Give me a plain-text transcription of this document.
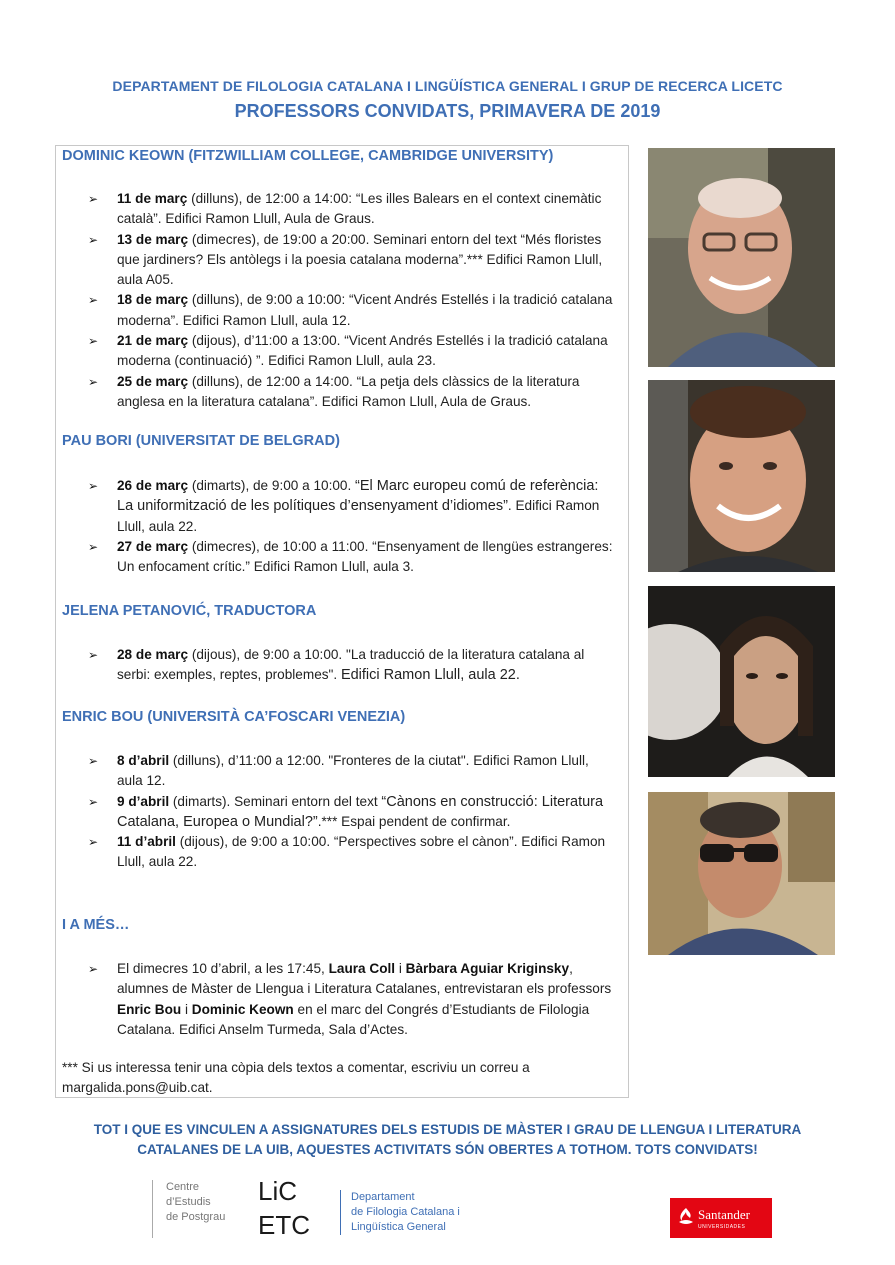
DEPARTAMENT DE FILOLOGIA CATALANA I LINGÜÍSTICA GENERAL I GRUP DE RECERCA LICETC
PROFESSORS CONVIDATS, PRIMAVERA DE 2019
DOMINIC KEOWN (FITZWILLIAM COLLEGE, CAMBRIDGE UNIVERSITY)
➢ 11 de març (dilluns), de 12:00 a 14:00: “Les illes Balears en el context cinemàtic català”. Edifici Ramon Llull, Aula de Graus.
➢ 13 de març (dimecres), de 19:00 a 20:00. Seminari entorn del text “Més floristes que jardiners? Els antòlegs i la poesia catalana moderna”.*** Edifici Ramon Llull, aula A05.
➢ 18 de març (dilluns), de 9:00 a 10:00: “Vicent Andrés Estellés i la tradició catalana moderna”. Edifici Ramon Llull, aula 12.
➢ 21 de març (dijous), d’11:00 a 13:00. “Vicent Andrés Estellés i la tradició catalana moderna (continuació) ”. Edifici Ramon Llull, aula 23.
➢ 25 de març (dilluns), de 12:00 a 14:00. “La petja dels clàssics de la literatura anglesa en la literatura catalana”. Edifici Ramon Llull, Aula de Graus.
PAU BORI (UNIVERSITAT DE BELGRAD)
➢ 26 de març (dimarts), de 9:00 a 10:00. “El Marc europeu comú de referència: La uniformització de les polítiques d’ensenyament d’idiomes”. Edifici Ramon Llull, aula 22.
➢ 27 de març (dimecres), de 10:00 a 11:00. “Ensenyament de llengües estrangeres: Un enfocament crític.” Edifici Ramon Llull, aula 3.
JELENA PETANOVIĆ, TRADUCTORA
➢ 28 de març (dijous), de 9:00 a 10:00. "La traducció de la literatura catalana al serbi: exemples, reptes, problemes". Edifici Ramon Llull, aula 22.
ENRIC BOU (UNIVERSITÀ CA’FOSCARI VENEZIA)
➢ 8 d’abril (dilluns), d’11:00 a 12:00. "Fronteres de la ciutat". Edifici Ramon Llull, aula 12.
➢ 9 d’abril (dimarts). Seminari entorn del text “Cànons en construcció: Literatura Catalana, Europea o Mundial?”.*** Espai pendent de confirmar.
➢ 11 d’abril (dijous), de 9:00 a 10:00. “Perspectives sobre el cànon”. Edifici Ramon Llull, aula 22.
I A MÉS…
➢ El dimecres 10 d’abril, a les 17:45, Laura Coll i Bàrbara Aguiar Kriginsky, alumnes de Màster de Llengua i Literatura Catalanes, entrevistaran els professors Enric Bou i Dominic Keown en el marc del Congrés d’Estudiants de Filologia Catalana. Edifici Anselm Turmeda, Sala d’Actes.
*** Si us interessa tenir una còpia dels textos a comentar, escriviu un correu a margalida.pons@uib.cat.
TOT I QUE ES VINCULEN A ASSIGNATURES DELS ESTUDIS DE MÀSTER I GRAU DE LLENGUA I LITERATURA
CATALANES DE LA UIB, AQUESTES ACTIVITATS SÓN OBERTES A TOTHOM. TOTS CONVIDATS!
Centre
d’Estudis
de Postgrau
LiC
ETC
Departament
de Filologia Catalana i
Lingüística General
Santander
UNIVERSIDADES
